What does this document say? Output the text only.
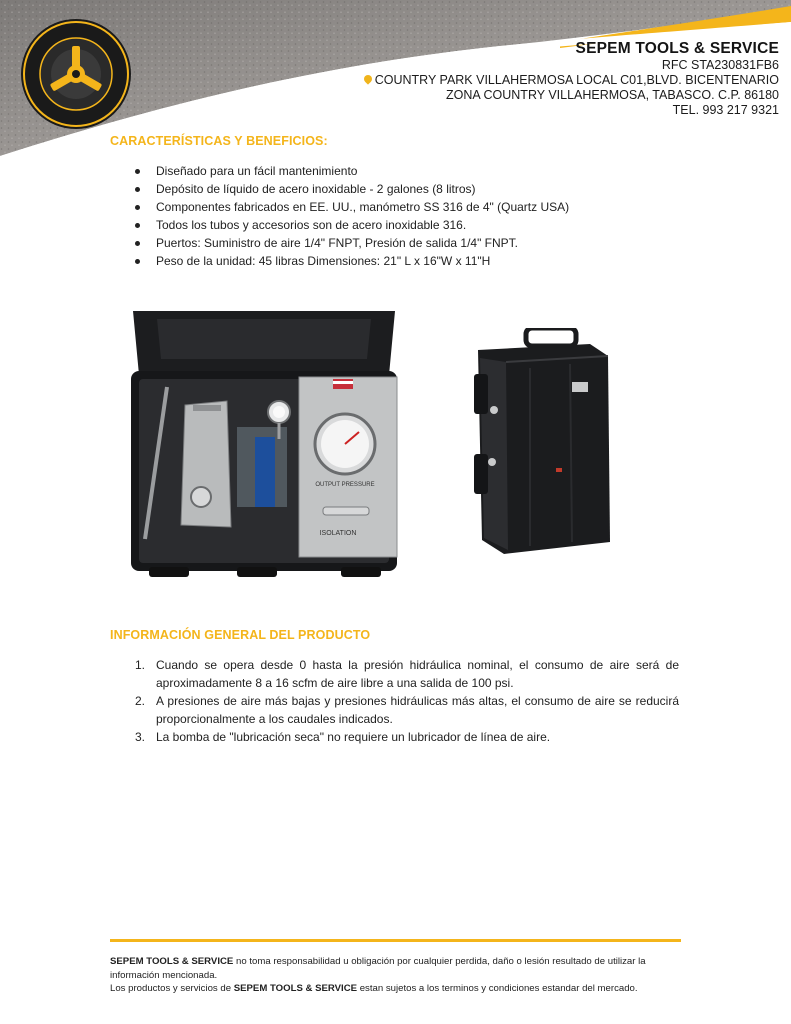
SEPEM TOOLS & SERVICE
RFC STA230831FB6
COUNTRY PARK VILLAHERMOSA LOCAL C01,BLVD. BICENTENARIO
ZONA COUNTRY VILLAHERMOSA, TABASCO. C.P. 86180
TEL. 993 217 9321
CARACTERÍSTICAS Y BENEFICIOS:
Diseñado para un fácil mantenimiento
Depósito de líquido de acero inoxidable - 2 galones (8 litros)
Componentes fabricados en EE. UU., manómetro SS 316 de 4" (Quartz USA)
Todos los tubos y accesorios son de acero inoxidable 316.
Puertos: Suministro de aire 1/4" FNPT, Presión de salida 1/4" FNPT.
Peso de la unidad: 45 libras Dimensiones: 21" L x 16"W x 11"H
OUTPUT PRESSURE
ISOLATION
INFORMACIÓN GENERAL DEL PRODUCTO
1. Cuando se opera desde 0 hasta la presión hidráulica nominal, el consumo de aire será de aproximadamente 8 a 16 scfm de aire libre a una salida de 100 psi.
2. A presiones de aire más bajas y presiones hidráulicas más altas, el consumo de aire se reducirá proporcionalmente a los caudales indicados.
3. La bomba de "lubricación seca" no requiere un lubricador de línea de aire.
SEPEM TOOLS & SERVICE no toma responsabilidad u obligación por cualquier perdida, daño o lesión resultado de utilizar la información mencionada.
Los productos y servicios de SEPEM TOOLS & SERVICE estan sujetos a los terminos y condiciones estandar del mercado.
